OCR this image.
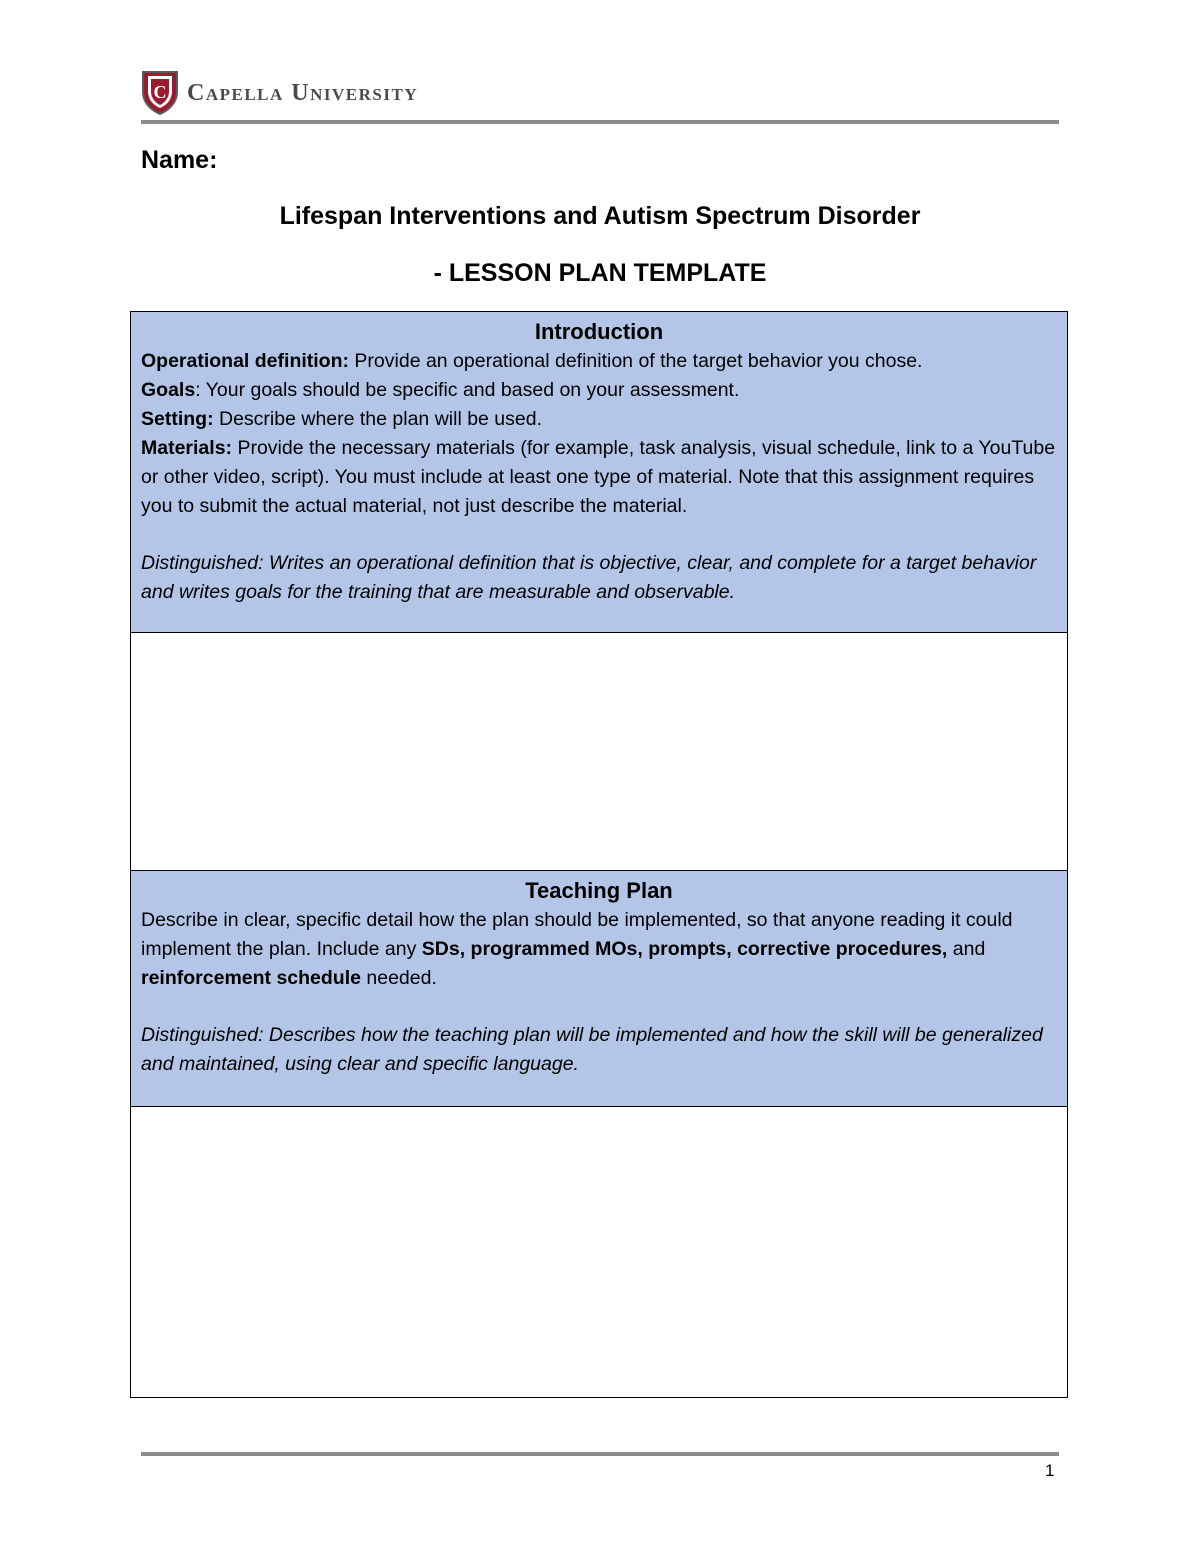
C Capella University
Name:
Lifespan Interventions and Autism Spectrum Disorder
- LESSON PLAN TEMPLATE
Introduction
Operational definition: Provide an operational definition of the target behavior you chose.
Goals: Your goals should be specific and based on your assessment.
Setting: Describe where the plan will be used.
Materials: Provide the necessary materials (for example, task analysis, visual schedule, link to a YouTube or other video, script). You must include at least one type of material. Note that this assignment requires you to submit the actual material, not just describe the material.
Distinguished: Writes an operational definition that is objective, clear, and complete for a target behavior and writes goals for the training that are measurable and observable.
Teaching Plan
Describe in clear, specific detail how the plan should be implemented, so that anyone reading it could implement the plan. Include any SDs, programmed MOs, prompts, corrective procedures, and reinforcement schedule needed.
Distinguished: Describes how the teaching plan will be implemented and how the skill will be generalized and maintained, using clear and specific language.
1
